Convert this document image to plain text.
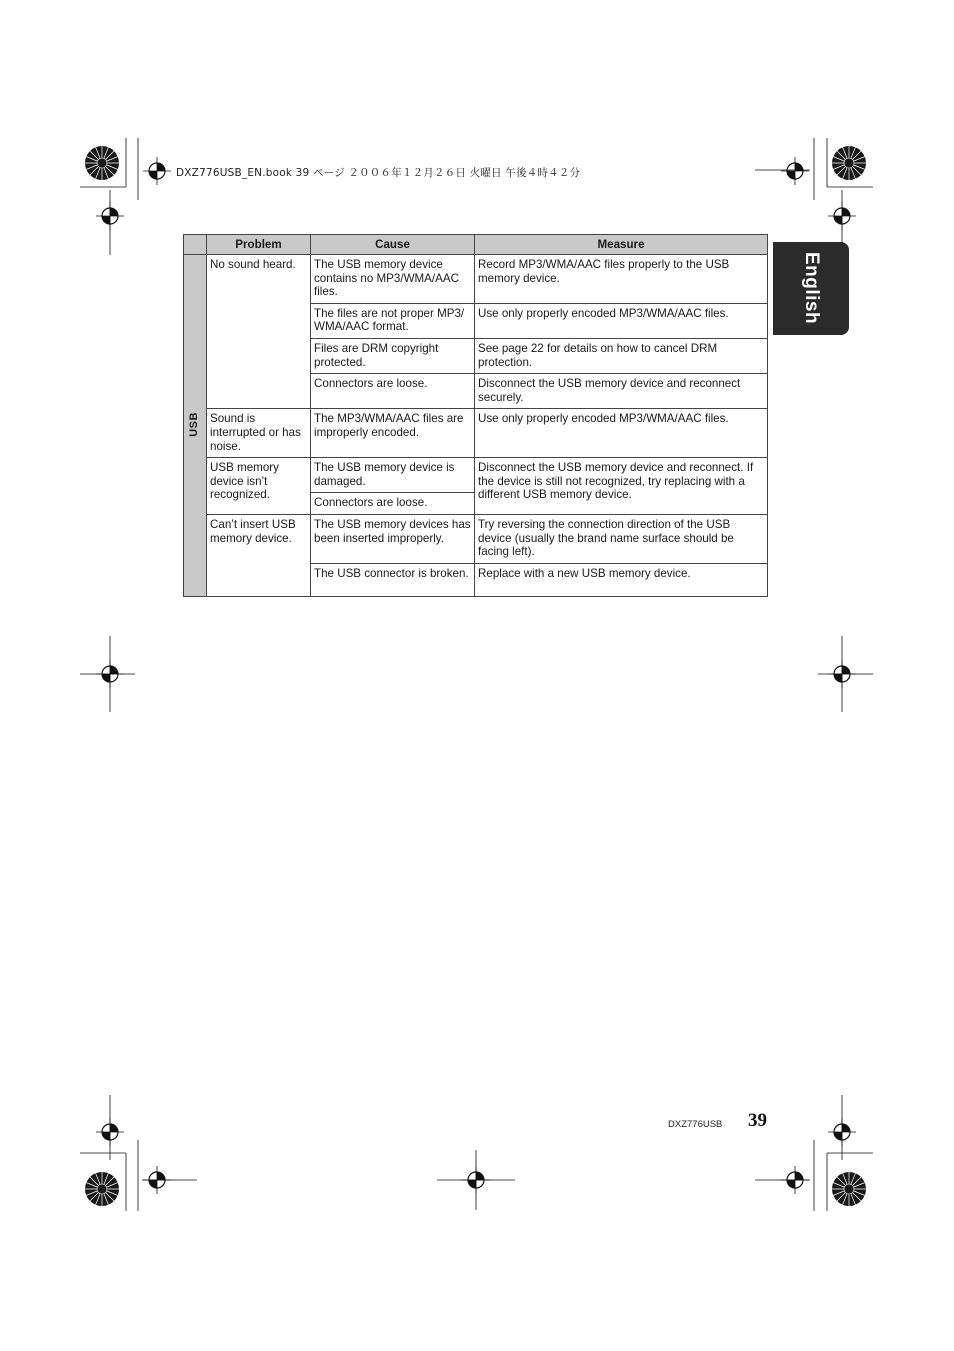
DXZ776USB_EN.book 39 ページ ２００６年１２月２６日 火曜日 午後４時４２分
English
	Problem	Cause	Measure

USB	No sound heard.	The USB memory device contains no MP3/WMA/AAC files.	Record MP3/WMA/AAC files properly to the USB memory device.
		The files are not proper MP3/ WMA/AAC format.	Use only properly encoded MP3/WMA/AAC files.
		Files are DRM copyright protected.	See page 22 for details on how to cancel DRM protection.
		Connectors are loose.	Disconnect the USB memory device and reconnect securely.
	Sound is interrupted or has noise.	The MP3/WMA/AAC files are improperly encoded.	Use only properly encoded MP3/WMA/AAC files.
	USB memory device isn’t recognized.	The USB memory device is damaged.	Disconnect the USB memory device and reconnect. If the device is still not recognized, try replacing with a different USB memory device.
		Connectors are loose.	
	Can’t insert USB memory device.	The USB memory devices has been inserted improperly.	Try reversing the connection direction of the USB device (usually the brand name surface should be facing left).
		The USB connector is broken.	Replace with a new USB memory device.
DXZ776USB 39
